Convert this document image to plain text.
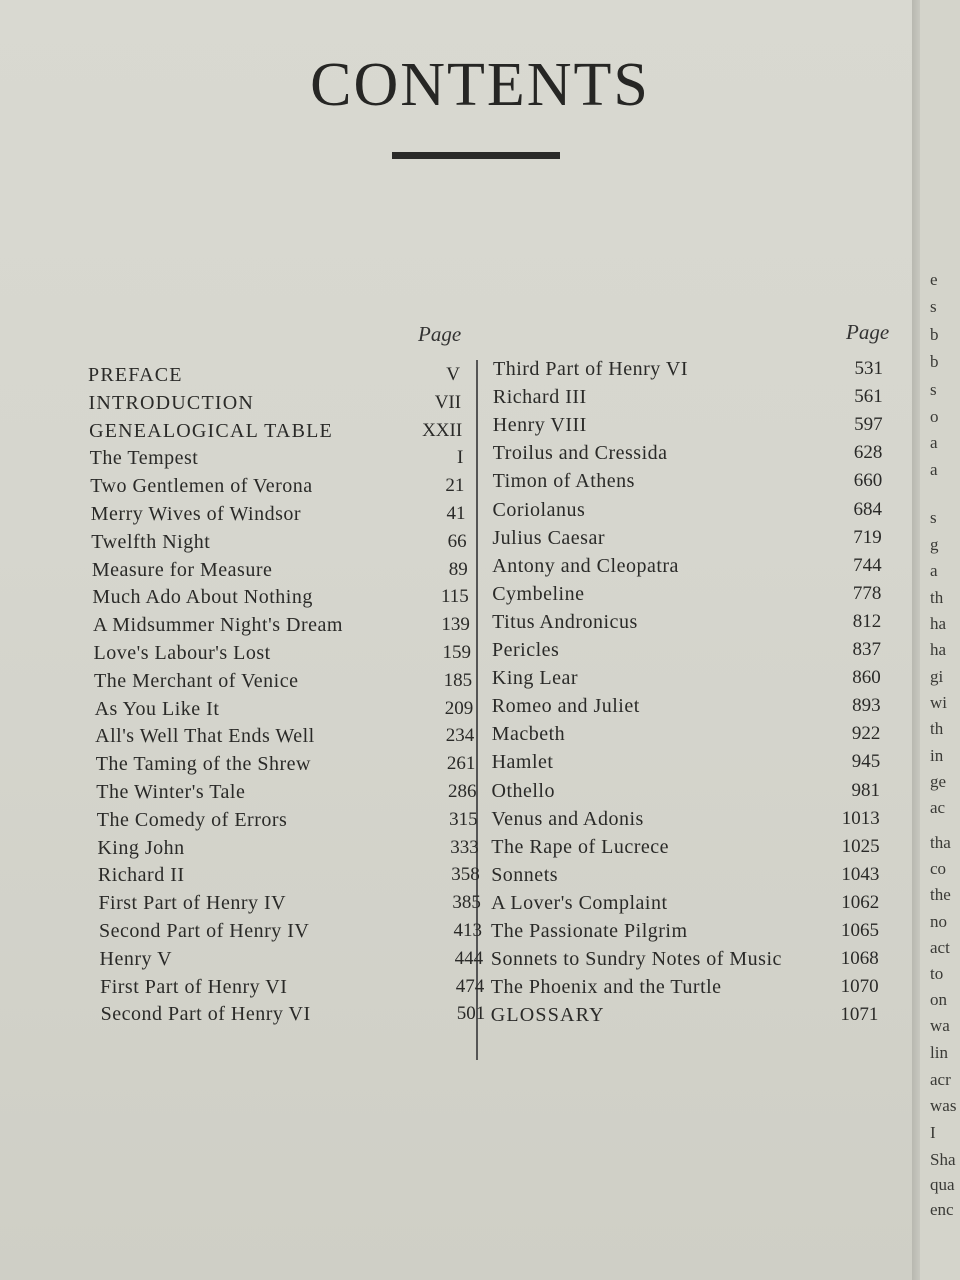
CONTENTS
Page	Page
PREFACE	V
INTRODUCTION	VII
GENEALOGICAL TABLE	XXII
The Tempest	I
Two Gentlemen of Verona	21
Merry Wives of Windsor	41
Twelfth Night	66
Measure for Measure	89
Much Ado About Nothing	115
A Midsummer Night's Dream	139
Love's Labour's Lost	159
The Merchant of Venice	185
As You Like It	209
All's Well That Ends Well	234
The Taming of the Shrew	261
The Winter's Tale	286
The Comedy of Errors	315
King John	333
Richard II	358
First Part of Henry IV	385
Second Part of Henry IV	413
Henry V	444
First Part of Henry VI	474
Second Part of Henry VI	501
Third Part of Henry VI	531
Richard III	561
Henry VIII	597
Troilus and Cressida	628
Timon of Athens	660
Coriolanus	684
Julius Caesar	719
Antony and Cleopatra	744
Cymbeline	778
Titus Andronicus	812
Pericles	837
King Lear	860
Romeo and Juliet	893
Macbeth	922
Hamlet	945
Othello	981
Venus and Adonis	1013
The Rape of Lucrece	1025
Sonnets	1043
A Lover's Complaint	1062
The Passionate Pilgrim	1065
Sonnets to Sundry Notes of Music	1068
The Phoenix and the Turtle	1070
GLOSSARY	1071
e
s
b
b
s
o
a
a
s
g
a
th
ha
ha
gi
wi
th
in
ge
ac
tha
co
the
no
act
to
on
wa
lin
acr
was
I
Sha
qua
enc
